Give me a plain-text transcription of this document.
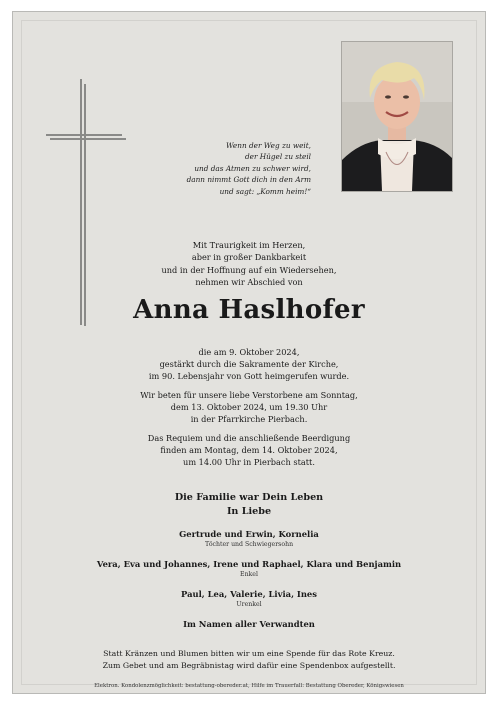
Wenn der Weg zu weit,
der Hügel zu steil
und das Atmen zu schwer wird,
dann nimmt Gott dich in den Arm
und sagt: „Komm heim!“
Mit Traurigkeit im Herzen,
aber in großer Dankbarkeit
und in der Hoffnung auf ein Wiedersehen,
nehmen wir Abschied von
Anna Haslhofer
die am 9. Oktober 2024,
gestärkt durch die Sakramente der Kirche,
im 90. Lebensjahr von Gott heimgerufen wurde.
Wir beten für unsere liebe Verstorbene am Sonntag,
dem 13. Oktober 2024, um 19.30 Uhr
in der Pfarrkirche Pierbach.
Das Requiem und die anschließende Beerdigung
finden am Montag, dem 14. Oktober 2024,
um 14.00 Uhr in Pierbach statt.
Die Familie war Dein Leben
In Liebe
Gertrude und Erwin, Kornelia
Töchter und Schwiegersohn
Vera, Eva und Johannes, Irene und Raphael, Klara und Benjamin
Enkel
Paul, Lea, Valerie, Livia, Ines
Urenkel
Im Namen aller Verwandten
Statt Kränzen und Blumen bitten wir um eine Spende für das Rote Kreuz.
Zum Gebet und am Begräbnistag wird dafür eine Spendenbox aufgestellt.
Elektron. Kondolenzmöglichkeit: bestattung-obereder.at, Hilfe im Trauerfall: Bestattung Obereder, Königswiesen
